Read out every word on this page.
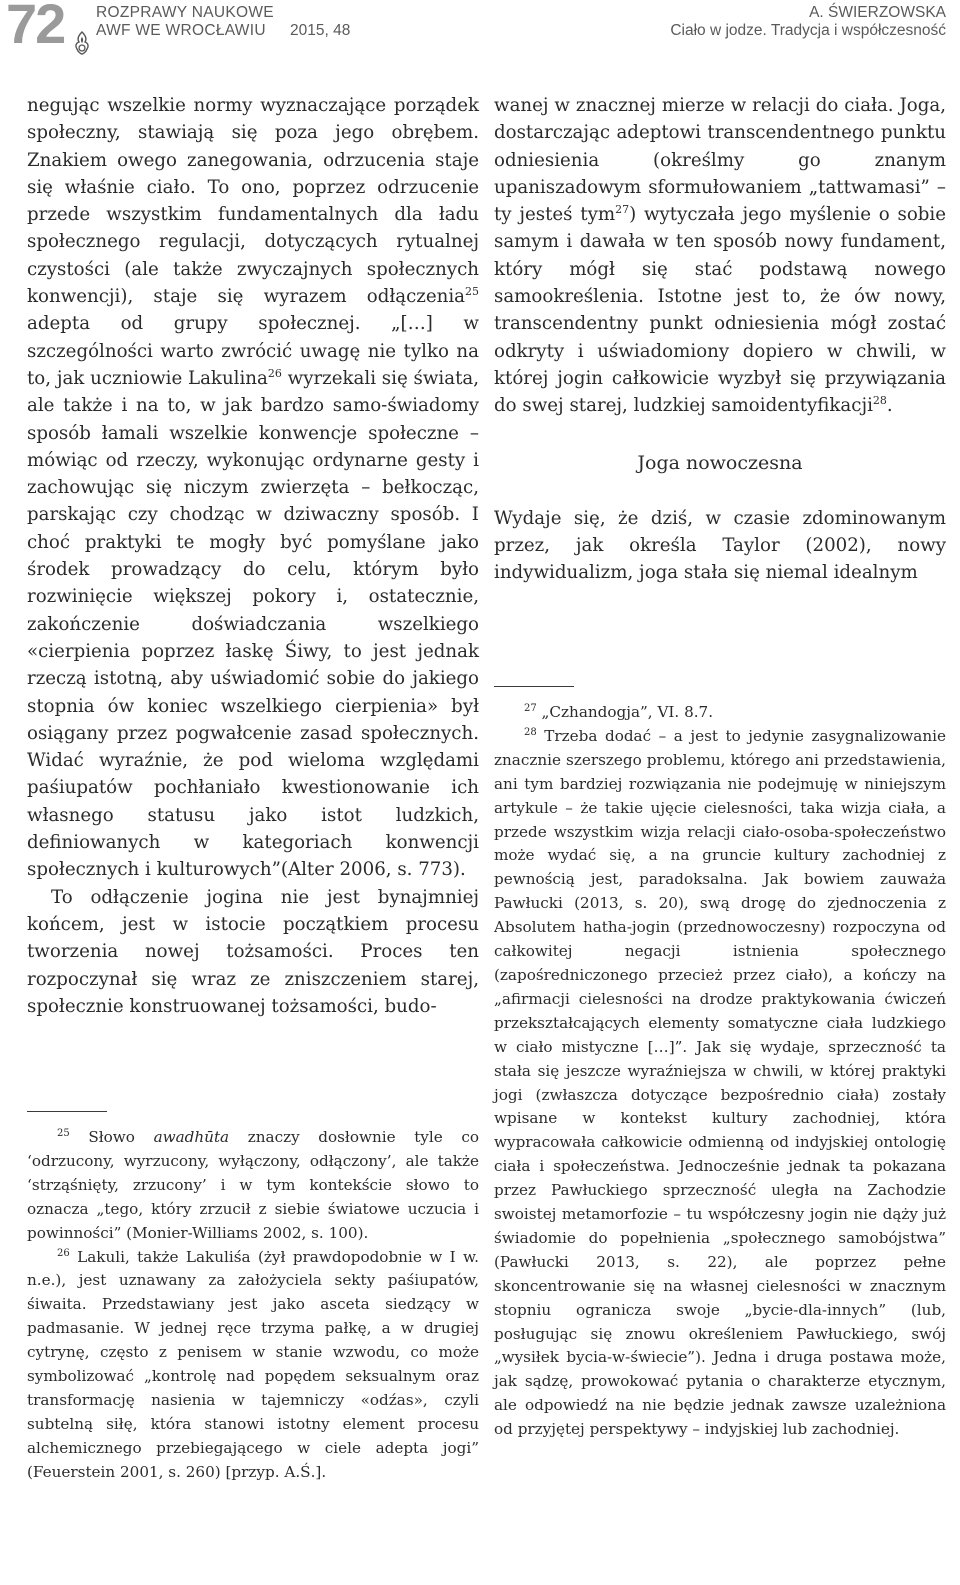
72 ROZPRAWY NAUKOWE
AWF WE WROCŁAWIU	2015, 48
A. ŚWIERZOWSKA
Ciało w jodze. Tradycja i współczesność
negując wszelkie normy wyznaczające porządek społeczny, stawiają się poza jego obrębem. Znakiem owego zanegowania, odrzucenia staje się właśnie ciało. To ono, poprzez odrzucenie przede wszystkim fundamentalnych dla ładu społecznego regulacji, dotyczących rytualnej czystości (ale także zwyczajnych społecznych konwencji), staje się wyrazem odłączenia$^{25}$ adepta od grupy społecznej. „[…] w szczególności warto zwrócić uwagę nie tylko na to, jak uczniowie Lakulina$^{26}$ wyrzekali się świata, ale także i na to, w jak bardzo samo-świadomy sposób łamali wszelkie konwencje społeczne – mówiąc od rzeczy, wykonując ordynarne gesty i zachowując się niczym zwierzęta – bełkocząc, parskając czy chodząc w dziwaczny sposób. I choć praktyki te mogły być pomyślane jako środek prowadzący do celu, którym było rozwinięcie większej pokory i, ostatecznie, zakończenie doświadczania wszelkiego «cierpienia poprzez łaskę Śiwy, to jest jednak rzeczą istotną, aby uświadomić sobie do jakiego stopnia ów koniec wszelkiego cierpienia» był osiągany przez pogwałcenie zasad społecznych. Widać wyraźnie, że pod wieloma względami paśiupatów pochłaniało kwestionowanie ich własnego statusu jako istot ludzkich, definiowanych w kategoriach konwencji społecznych i kulturowych”(Alter 2006, s. 773).
To odłączenie jogina nie jest bynajmniej końcem, jest w istocie początkiem procesu tworzenia nowej tożsamości. Proces ten rozpoczynał się wraz ze zniszczeniem starej, społecznie konstruowanej tożsamości, budo-
$^{25}$ Słowo awadhūta znaczy dosłownie tyle co ‘odrzucony, wyrzucony, wyłączony, odłączony’, ale także ‘strząśnięty, zrzucony’ i w tym kontekście słowo to oznacza „tego, który zrzucił z siebie światowe uczucia i powinności” (Monier-Williams 2002, s. 100).
$^{26}$ Lakuli, także Lakuliśa (żył prawdopodobnie w I w. n.e.), jest uznawany za założyciela sekty paśiupatów, śiwaita. Przedstawiany jest jako asceta siedzący w padmasanie. W jednej ręce trzyma pałkę, a w drugiej cytrynę, często z penisem w stanie wzwodu, co może symbolizować „kontrolę nad popędem seksualnym oraz transformację nasienia w tajemniczy «odźas», czyli subtelną siłę, która stanowi istotny element procesu alchemicznego przebiegającego w ciele adepta jogi” (Feuerstein 2001, s. 260) [przyp. A.Ś.].
wanej w znacznej mierze w relacji do ciała. Joga, dostarczając adeptowi transcendentnego punktu odniesienia (określmy go znanym upaniszadowym sformułowaniem „tattwamasi” – ty jesteś tym$^{27}$) wytyczała jego myślenie o sobie samym i dawała w ten sposób nowy fundament, który mógł się stać podstawą nowego samookreślenia. Istotne jest to, że ów nowy, transcendentny punkt odniesienia mógł zostać odkryty i uświadomiony dopiero w chwili, w której jogin całkowicie wyzbył się przywiązania do swej starej, ludzkiej samoidentyfikacji$^{28}$.
Joga nowoczesna
Wydaje się, że dziś, w czasie zdominowanym przez, jak określa Taylor (2002), nowy indywidualizm, joga stała się niemal idealnym
$^{27}$ „Czhandogja”, VI. 8.7.
$^{28}$ Trzeba dodać – a jest to jedynie zasygnalizowanie znacznie szerszego problemu, którego ani przedstawienia, ani tym bardziej rozwiązania nie podejmuję w niniejszym artykule – że takie ujęcie cielesności, taka wizja ciała, a przede wszystkim wizja relacji ciało-osoba-społeczeństwo może wydać się, a na gruncie kultury zachodniej z pewnością jest, paradoksalna. Jak bowiem zauważa Pawłucki (2013, s. 20), swą drogę do zjednoczenia z Absolutem hatha-jogin (przednowoczesny) rozpoczyna od całkowitej negacji istnienia społecznego (zapośredniczonego przecież przez ciało), a kończy na „afirmacji cielesności na drodze praktykowania ćwiczeń przekształcających elementy somatyczne ciała ludzkiego w ciało mistyczne […]”. Jak się wydaje, sprzeczność ta stała się jeszcze wyraźniejsza w chwili, w której praktyki jogi (zwłaszcza dotyczące bezpośrednio ciała) zostały wpisane w kontekst kultury zachodniej, która wypracowała całkowicie odmienną od indyjskiej ontologię ciała i społeczeństwa. Jednocześnie jednak ta pokazana przez Pawłuckiego sprzeczność uległa na Zachodzie swoistej metamorfozie – tu współczesny jogin nie dąży już świadomie do popełnienia „społecznego samobójstwa” (Pawłucki 2013, s. 22), ale poprzez pełne skoncentrowanie się na własnej cielesności w znacznym stopniu ogranicza swoje „bycie-dla-innych” (lub, posługując się znowu określeniem Pawłuckiego, swój „wysiłek bycia-w-świecie”). Jedna i druga postawa może, jak sądzę, prowokować pytania o charakterze etycznym, ale odpowiedź na nie będzie jednak zawsze uzależniona od przyjętej perspektywy – indyjskiej lub zachodniej.
